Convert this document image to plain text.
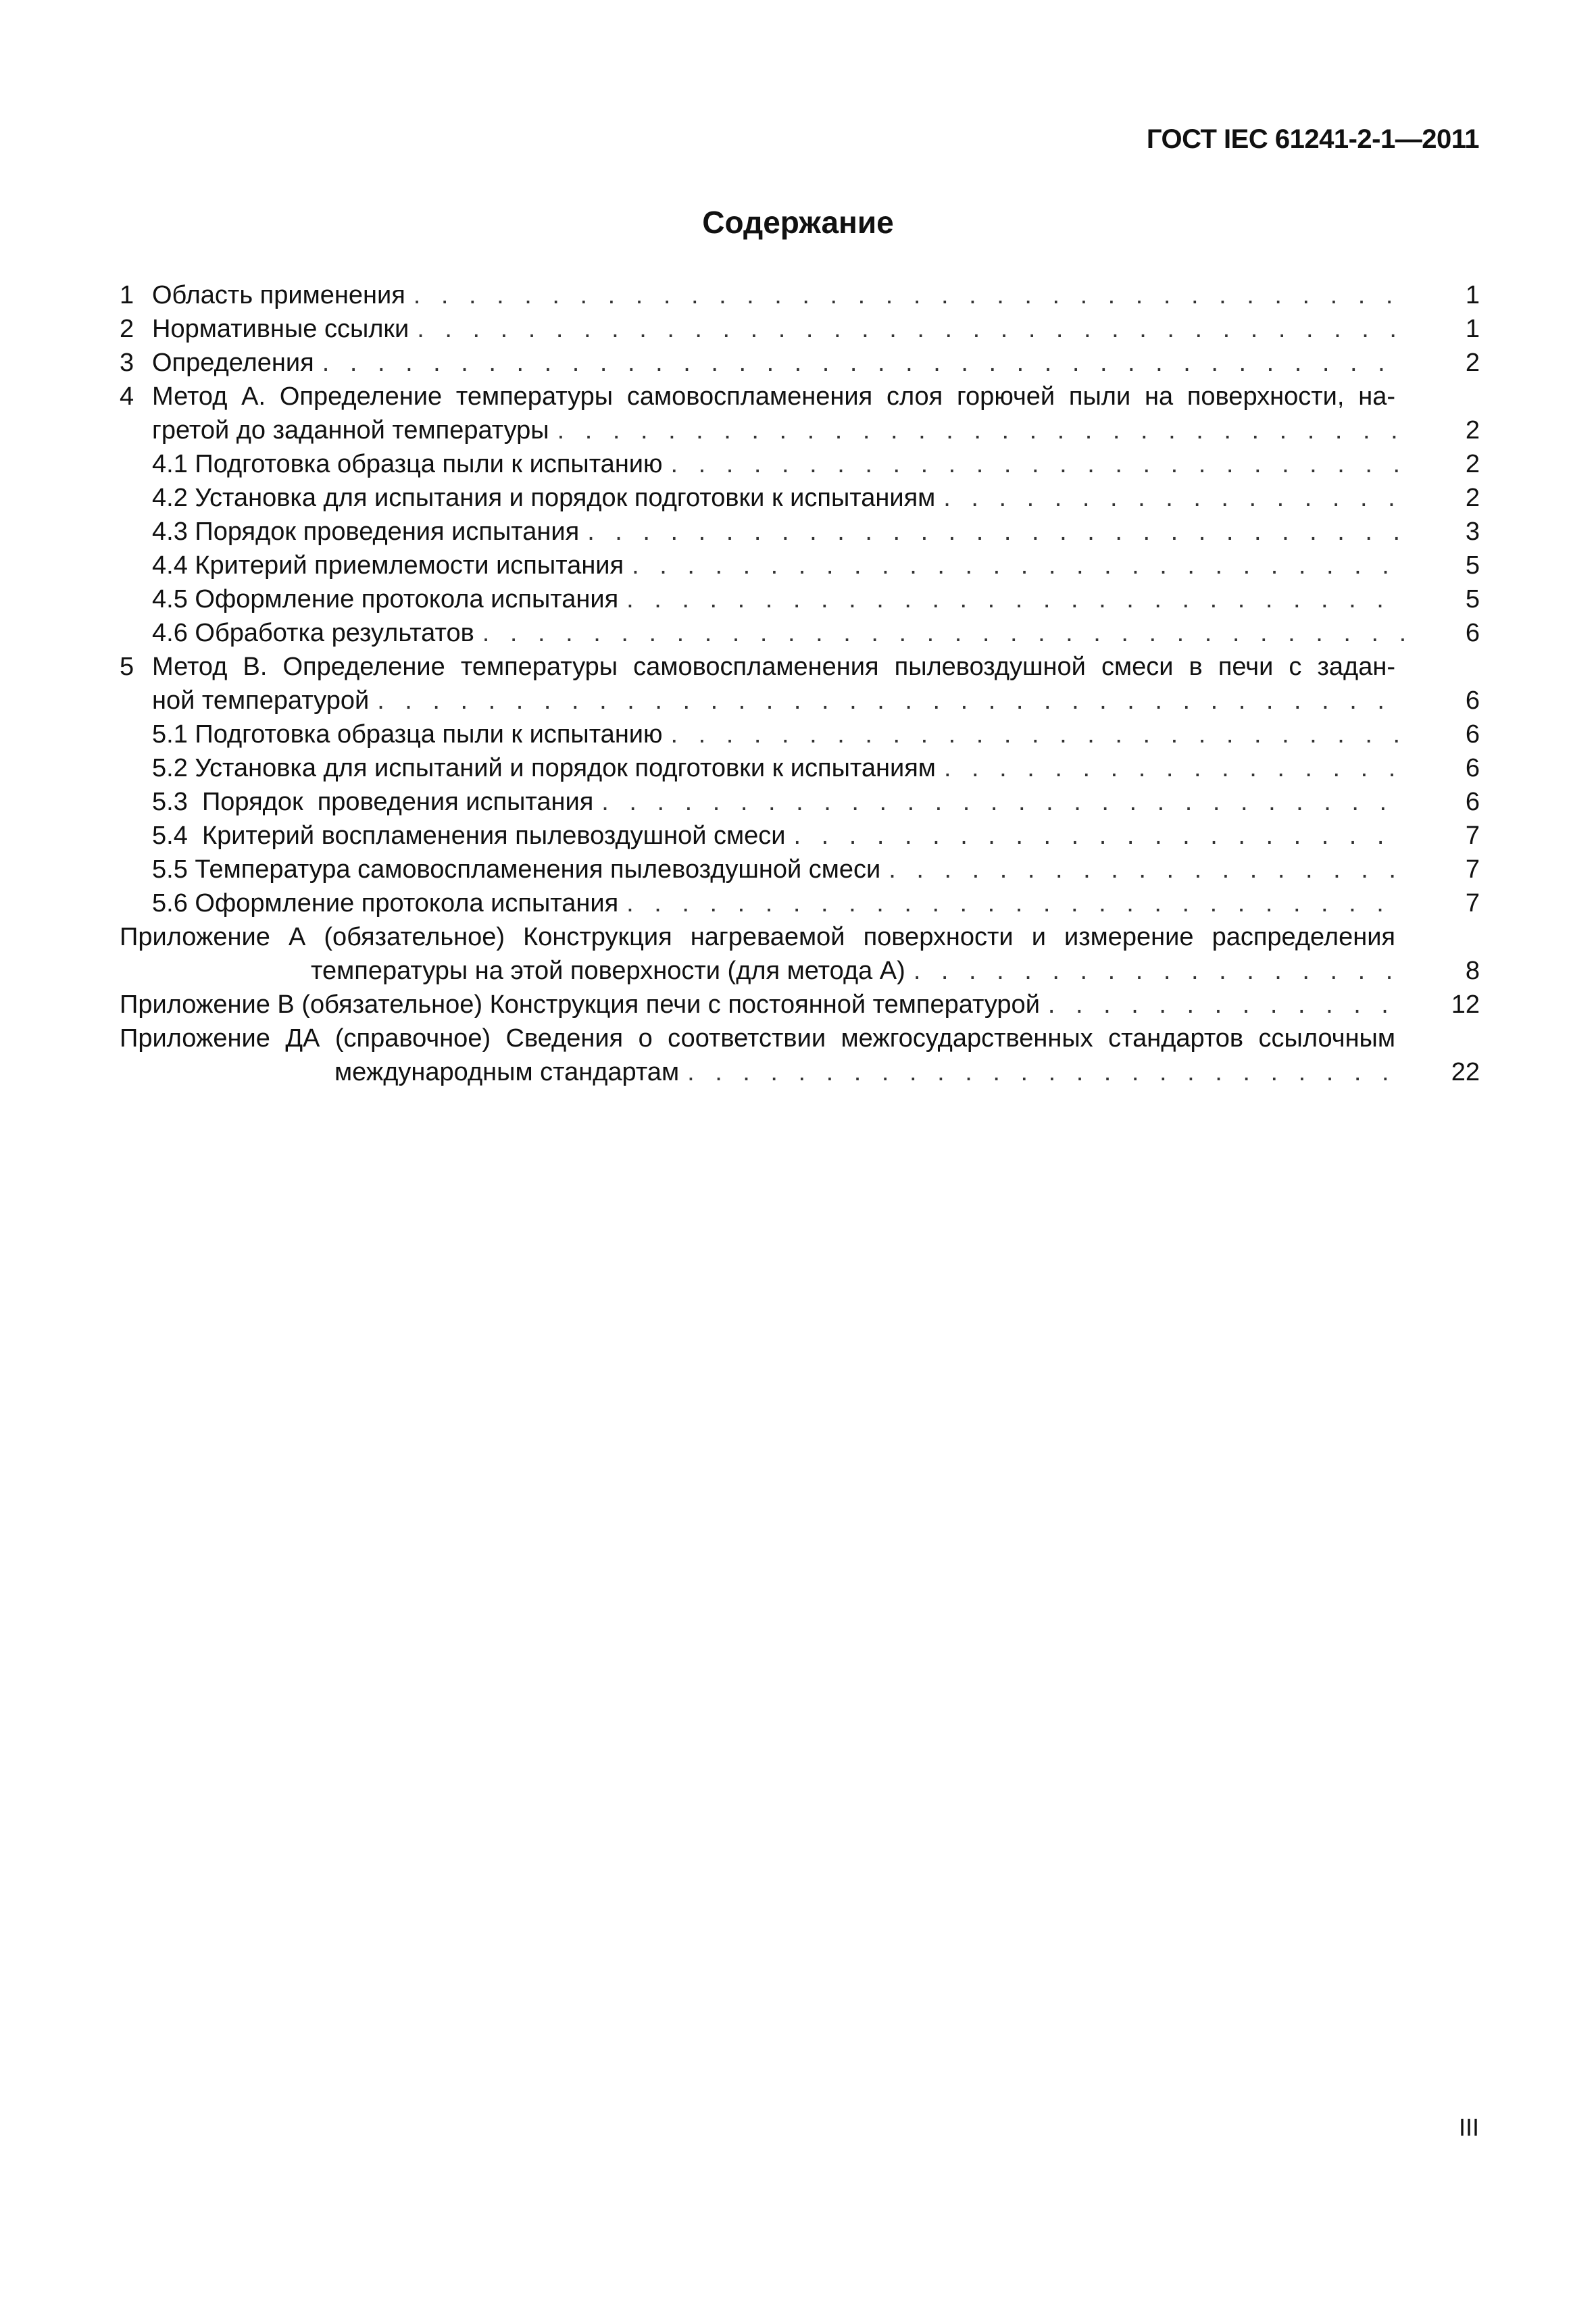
ГОСТ IEC 61241-2-1—2011
Содержание
1 Область применения . . .	1
2 Нормативные ссылки . . .	1
3 Определения . . .	2
4 Метод А. Определение температуры самовоспламенения слоя горючей пыли на поверхности, на-
гретой до заданной температуры . . .	2
4.1 Подготовка образца пыли к испытанию . . .	2
4.2 Установка для испытания и порядок подготовки к испытаниям . . .	2
4.3 Порядок проведения испытания . . .	3
4.4 Критерий приемлемости испытания . . .	5
4.5 Оформление протокола испытания . . .	5
4.6 Обработка результатов . . .	6
5 Метод В. Определение температуры самовоспламенения пылевоздушной смеси в печи с задан-
ной температурой . . .	6
5.1 Подготовка образца пыли к испытанию . . .	6
5.2 Установка для испытаний и порядок подготовки к испытаниям . . .	6
5.3  Порядок  проведения испытания . . .	6
5.4  Критерий воспламенения пылевоздушной смеси . . .	7
5.5 Температура самовоспламенения пылевоздушной смеси . . .	7
5.6 Оформление протокола испытания . . .	7
Приложение А (обязательное) Конструкция нагреваемой поверхности и измерение распределения
температуры на этой поверхности (для метода А) . . .	8
Приложение В (обязательное) Конструкция печи с постоянной температурой . . .	12
Приложение ДА (справочное) Сведения о соответствии межгосударственных стандартов ссылочным
международным стандартам . . .	22
III
